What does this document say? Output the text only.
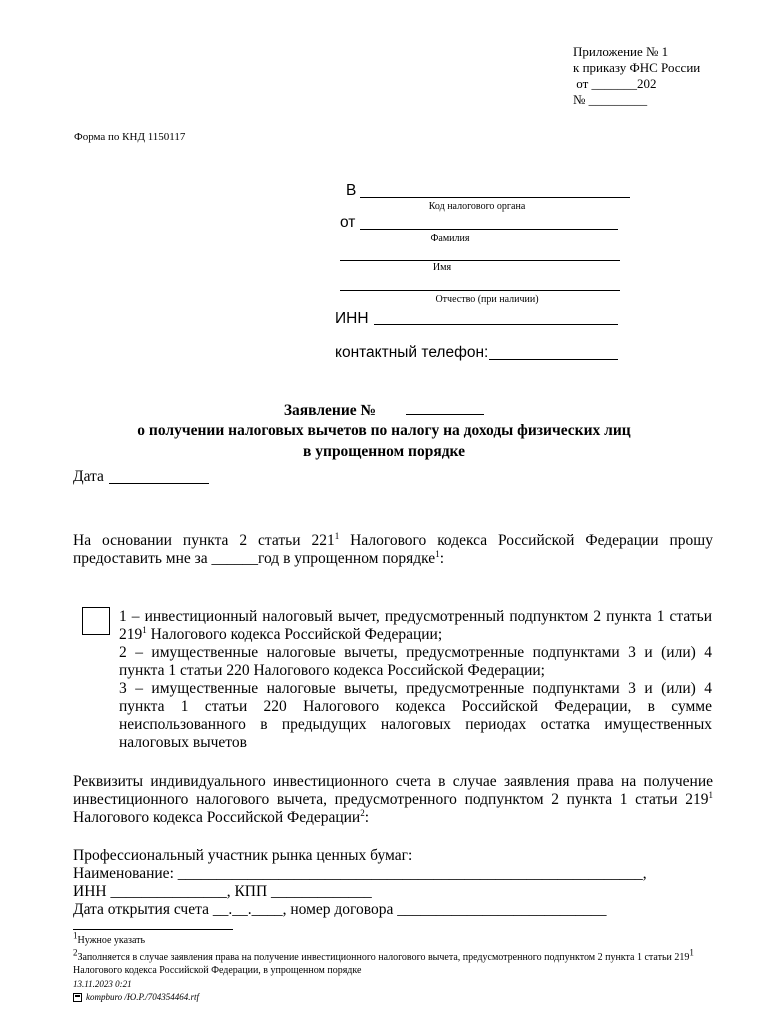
Приложение № 1
к приказу ФНС России
от _______202
№ _________
Форма по КНД 1150117
В
Код налогового органа
от
Фамилия
Имя
Отчество (при наличии)
ИНН
контактный телефон:
Заявление №
о получении налоговых вычетов по налогу на доходы физических лиц
в упрощенном порядке
Дата
На основании пункта 2 статьи $221^1$ Налогового кодекса Российской Федерации прошу предоставить мне за ______год в упрощенном порядке$^1$:
1 – инвестиционный налоговый вычет, предусмотренный подпунктом 2 пункта 1 статьи $219^1$ Налогового кодекса Российской Федерации;
2 – имущественные налоговые вычеты, предусмотренные подпунктами 3 и (или) 4 пункта 1 статьи 220 Налогового кодекса Российской Федерации;
3 – имущественные налоговые вычеты, предусмотренные подпунктами 3 и (или) 4 пункта 1 статьи 220 Налогового кодекса Российской Федерации, в сумме неиспользованного в предыдущих налоговых периодах остатка имущественных налоговых вычетов
Реквизиты индивидуального инвестиционного счета в случае заявления права на получение инвестиционного налогового вычета, предусмотренного подпунктом 2 пункта 1 статьи $219^1$ Налогового кодекса Российской Федерации$^2$:
Профессиональный участник рынка ценных бумаг:
Наименование: ____________________________________________________________,
ИНН _______________, КПП _____________
Дата открытия счета __.__.____, номер договора ___________________________
$^1$Нужное указать
$^2$Заполняется в случае заявления права на получение инвестиционного налогового вычета, предусмотренного подпунктом 2 пункта 1 статьи $219^1$ Налогового кодекса Российской Федерации, в упрощенном порядке
13.11.2023 0:21
kompburo /Ю.Р./704354464.rtf
